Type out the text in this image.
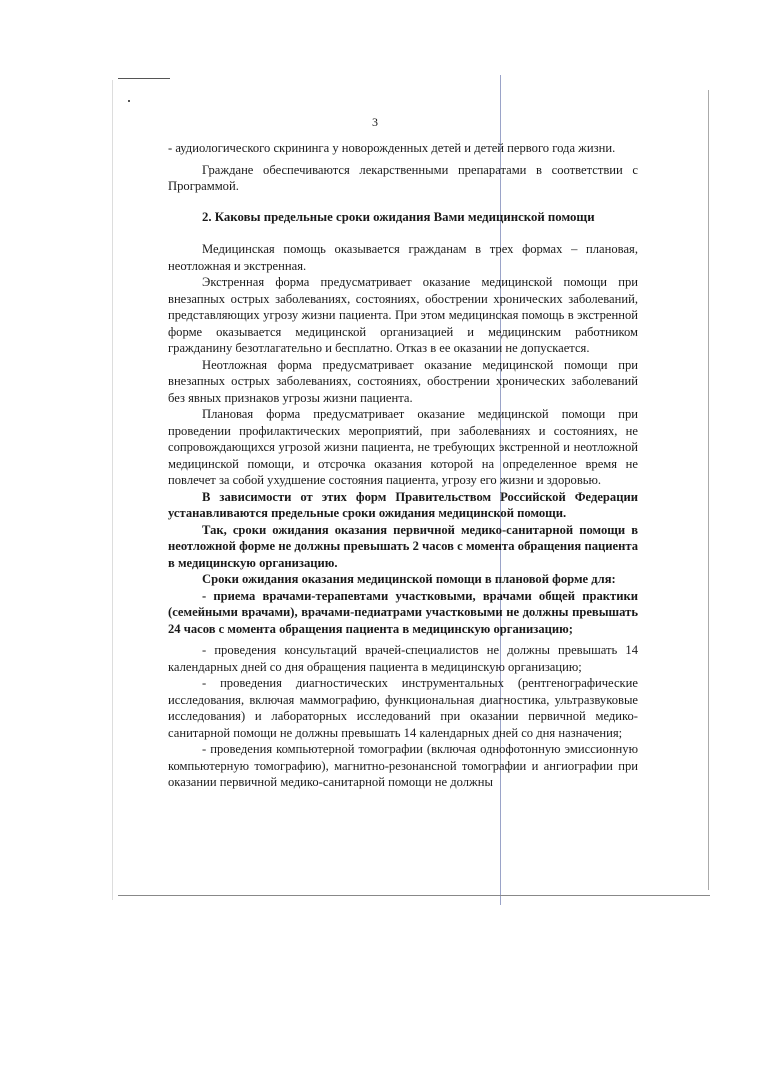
3

- аудиологического скрининга у новорожденных детей и детей первого года жизни.

Граждане обеспечиваются лекарственными препаратами в соответствии с Программой.

2. Каковы предельные сроки ожидания Вами медицинской помощи

Медицинская помощь оказывается гражданам в трех формах – плановая, неотложная и экстренная.

Экстренная форма предусматривает оказание медицинской помощи при внезапных острых заболеваниях, состояниях, обострении хронических заболеваний, представляющих угрозу жизни пациента. При этом медицинская помощь в экстренной форме оказывается медицинской организацией и медицинским работником гражданину безотлагательно и бесплатно. Отказ в ее оказании не допускается.

Неотложная форма предусматривает оказание медицинской помощи при внезапных острых заболеваниях, состояниях, обострении хронических заболеваний без явных признаков угрозы жизни пациента.

Плановая форма предусматривает оказание медицинской помощи при проведении профилактических мероприятий, при заболеваниях и состояниях, не сопровождающихся угрозой жизни пациента, не требующих экстренной и неотложной медицинской помощи, и отсрочка оказания которой на определенное время не повлечет за собой ухудшение состояния пациента, угрозу его жизни и здоровью.

В зависимости от этих форм Правительством Российской Федерации устанавливаются предельные сроки ожидания медицинской помощи.

Так, сроки ожидания оказания первичной медико-санитарной помощи в неотложной форме не должны превышать 2 часов с момента обращения пациента в медицинскую организацию.

Сроки ожидания оказания медицинской помощи в плановой форме для:

- приема врачами-терапевтами участковыми, врачами общей практики (семейными врачами), врачами-педиатрами участковыми не должны превышать 24 часов с момента обращения пациента в медицинскую организацию;

- проведения консультаций врачей-специалистов не должны превышать 14 календарных дней со дня обращения пациента в медицинскую организацию;

- проведения диагностических инструментальных (рентгенографические исследования, включая маммографию, функциональная диагностика, ультразвуковые исследования) и лабораторных исследований при оказании первичной медико-санитарной помощи не должны превышать 14 календарных дней со дня назначения;

- проведения компьютерной томографии (включая однофотонную эмиссионную компьютерную томографию), магнитно-резонансной томографии и ангиографии при оказании первичной медико-санитарной помощи не должны
